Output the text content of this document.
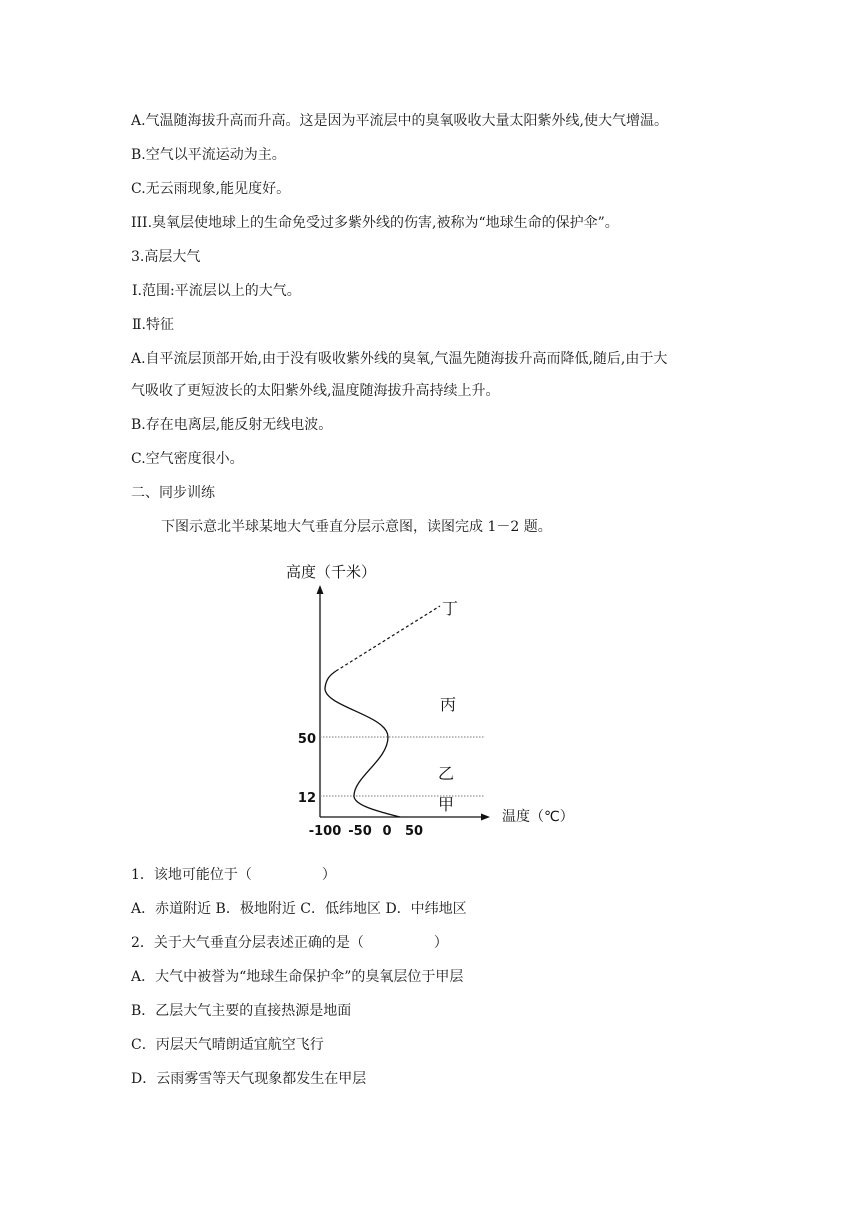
A.气温随海拔升高而升高。这是因为平流层中的臭氧吸收大量太阳紫外线,使大气增温。
B.空气以平流运动为主。
C.无云雨现象,能见度好。
III.臭氧层使地球上的生命免受过多紫外线的伤害,被称为“地球生命的保护伞”。
3.高层大气
Ⅰ.范围:平流层以上的大气。
Ⅱ.特征
A.自平流层顶部开始,由于没有吸收紫外线的臭氧,气温先随海拔升高而降低,随后,由于大
气吸收了更短波长的太阳紫外线,温度随海拔升高持续上升。
B.存在电离层,能反射无线电波。
C.空气密度很小。
二、同步训练
下图示意北半球某地大气垂直分层示意图，读图完成 1－2 题。
高度（千米）
温度（℃）
50
12
-100 -50 0 50
丁
丙
乙
甲
1．该地可能位于（　　　　　）
A．赤道附近 B．极地附近 C．低纬地区 D．中纬地区
2．关于大气垂直分层表述正确的是（　　　　　）
A．大气中被誉为“地球生命保护伞”的臭氧层位于甲层
B．乙层大气主要的直接热源是地面
C．丙层天气晴朗适宜航空飞行
D．云雨雾雪等天气现象都发生在甲层
